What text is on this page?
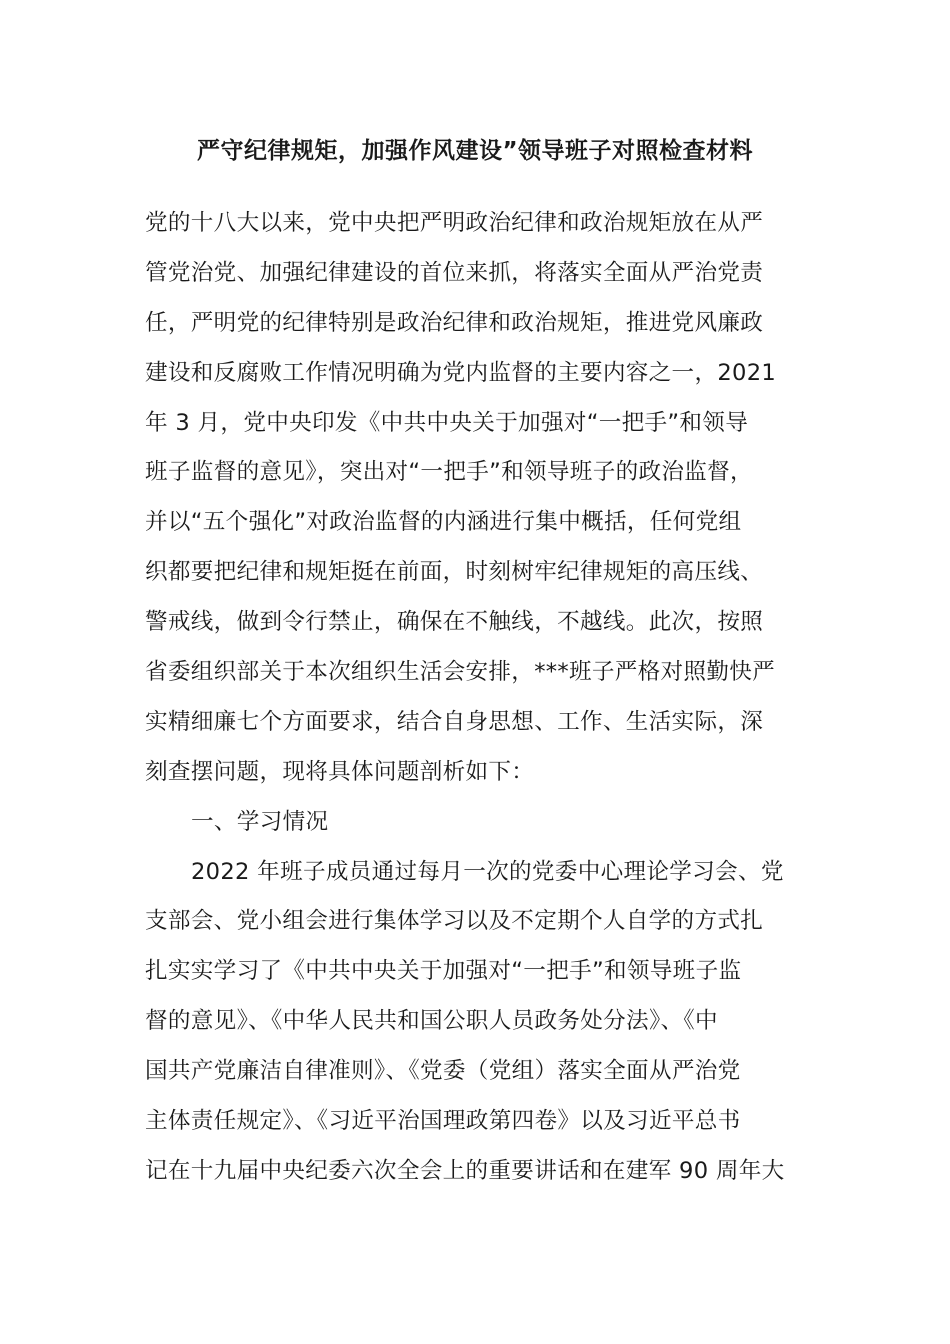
严守纪律规矩，加强作风建设”领导班子对照检查材料
党的十八大以来，党中央把严明政治纪律和政治规矩放在从严
管党治党、加强纪律建设的首位来抓，将落实全面从严治党责
任，严明党的纪律特别是政治纪律和政治规矩，推进党风廉政
建设和反腐败工作情况明确为党内监督的主要内容之一，2021
年 3 月，党中央印发《中共中央关于加强对“一把手”和领导
班子监督的意见》，突出对“一把手”和领导班子的政治监督，
并以“五个强化”对政治监督的内涵进行集中概括，任何党组
织都要把纪律和规矩挺在前面，时刻树牢纪律规矩的高压线、
警戒线，做到令行禁止，确保在不触线，不越线。此次，按照
省委组织部关于本次组织生活会安排，***班子严格对照勤快严
实精细廉七个方面要求，结合自身思想、工作、生活实际，深
刻查摆问题，现将具体问题剖析如下：
一、学习情况
2022 年班子成员通过每月一次的党委中心理论学习会、党
支部会、党小组会进行集体学习以及不定期个人自学的方式扎
扎实实学习了《中共中央关于加强对“一把手”和领导班子监
督的意见》、《中华人民共和国公职人员政务处分法》、《中
国共产党廉洁自律准则》、《党委（党组）落实全面从严治党
主体责任规定》、《习近平治国理政第四卷》以及习近平总书
记在十九届中央纪委六次全会上的重要讲话和在建军 90 周年大
